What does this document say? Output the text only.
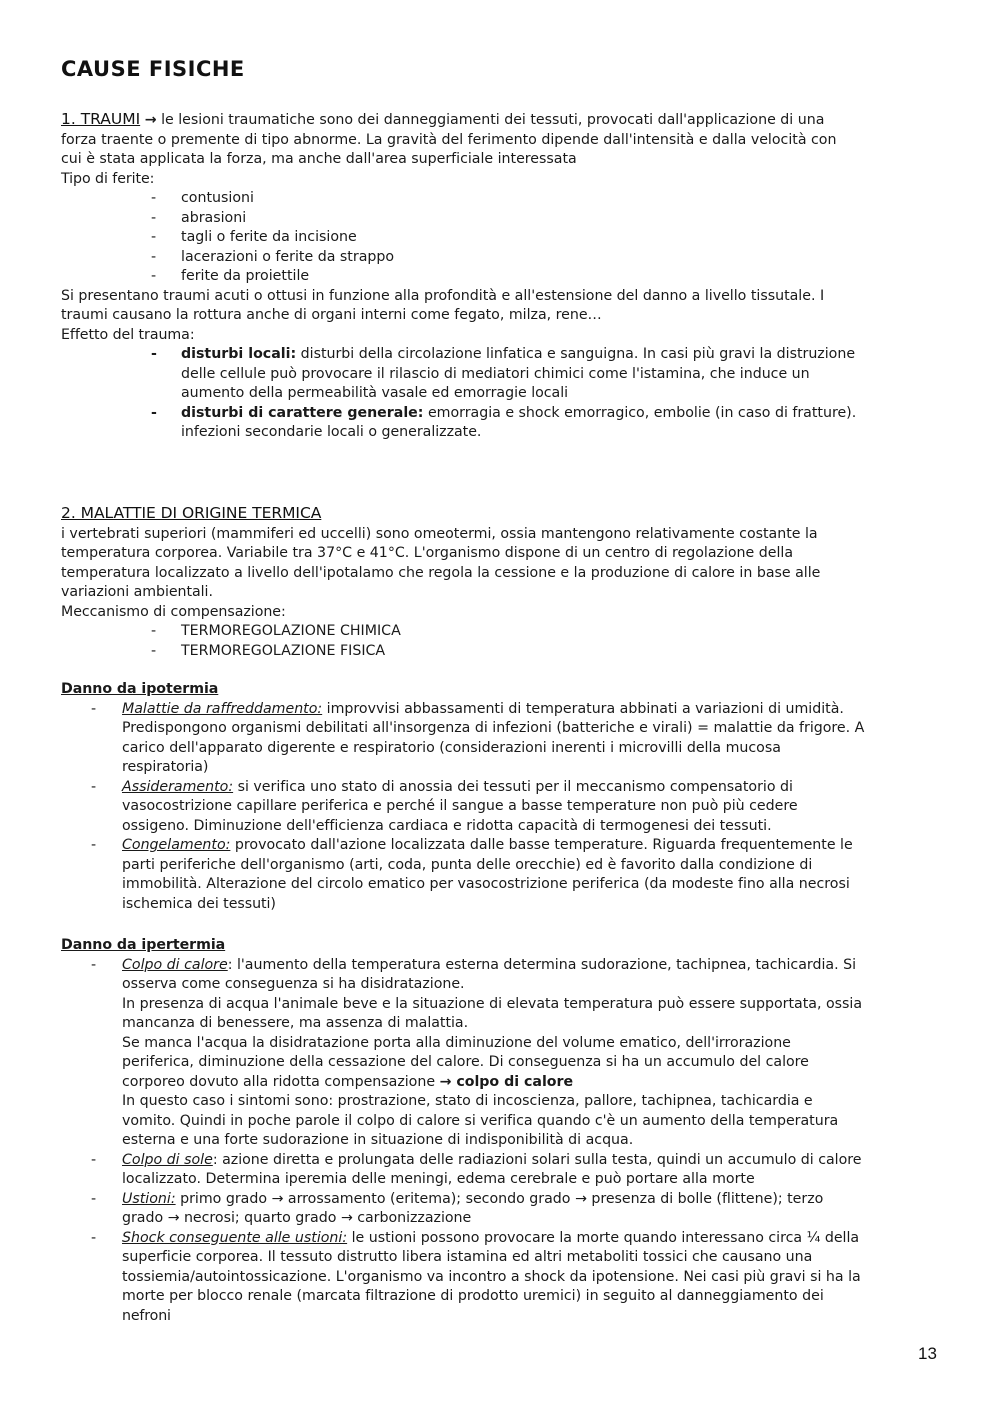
CAUSE FISICHE
1. TRAUMI → le lesioni traumatiche sono dei danneggiamenti dei tessuti, provocati dall'applicazione di una
forza traente o premente di tipo abnorme. La gravità del ferimento dipende dall'intensità e dalla velocità con
cui è stata applicata la forza, ma anche dall'area superficiale interessata
Tipo di ferite:
- contusioni
- abrasioni
- tagli o ferite da incisione
- lacerazioni o ferite da strappo
- ferite da proiettile
Si presentano traumi acuti o ottusi in funzione alla profondità e all'estensione del danno a livello tissutale. I
traumi causano la rottura anche di organi interni come fegato, milza, rene…
Effetto del trauma:
- disturbi locali: disturbi della circolazione linfatica e sanguigna. In casi più gravi la distruzione
delle cellule può provocare il rilascio di mediatori chimici come l'istamina, che induce un
aumento della permeabilità vasale ed emorragie locali
- disturbi di carattere generale: emorragia e shock emorragico, embolie (in caso di fratture).
infezioni secondarie locali o generalizzate.
2. MALATTIE DI ORIGINE TERMICA
i vertebrati superiori (mammiferi ed uccelli) sono omeotermi, ossia mantengono relativamente costante la
temperatura corporea. Variabile tra 37°C e 41°C. L'organismo dispone di un centro di regolazione della
temperatura localizzato a livello dell'ipotalamo che regola la cessione e la produzione di calore in base alle
variazioni ambientali.
Meccanismo di compensazione:
- TERMOREGOLAZIONE CHIMICA
- TERMOREGOLAZIONE FISICA
Danno da ipotermia
- Malattie da raffreddamento: improvvisi abbassamenti di temperatura abbinati a variazioni di umidità.
Predispongono organismi debilitati all'insorgenza di infezioni (batteriche e virali) = malattie da frigore. A
carico dell'apparato digerente e respiratorio (considerazioni inerenti i microvilli della mucosa
respiratoria)
- Assideramento: si verifica uno stato di anossia dei tessuti per il meccanismo compensatorio di
vasocostrizione capillare periferica e perché il sangue a basse temperature non può più cedere
ossigeno. Diminuzione dell'efficienza cardiaca e ridotta capacità di termogenesi dei tessuti.
- Congelamento: provocato dall'azione localizzata dalle basse temperature. Riguarda frequentemente le
parti periferiche dell'organismo (arti, coda, punta delle orecchie) ed è favorito dalla condizione di
immobilità. Alterazione del circolo ematico per vasocostrizione periferica (da modeste fino alla necrosi
ischemica dei tessuti)
Danno da ipertermia
- Colpo di calore: l'aumento della temperatura esterna determina sudorazione, tachipnea, tachicardia. Si
osserva come conseguenza si ha disidratazione.
In presenza di acqua l'animale beve e la situazione di elevata temperatura può essere supportata, ossia
mancanza di benessere, ma assenza di malattia.
Se manca l'acqua la disidratazione porta alla diminuzione del volume ematico, dell'irrorazione
periferica, diminuzione della cessazione del calore. Di conseguenza si ha un accumulo del calore
corporeo dovuto alla ridotta compensazione → colpo di calore
In questo caso i sintomi sono: prostrazione, stato di incoscienza, pallore, tachipnea, tachicardia e
vomito. Quindi in poche parole il colpo di calore si verifica quando c'è un aumento della temperatura
esterna e una forte sudorazione in situazione di indisponibilità di acqua.
- Colpo di sole: azione diretta e prolungata delle radiazioni solari sulla testa, quindi un accumulo di calore
localizzato. Determina iperemia delle meningi, edema cerebrale e può portare alla morte
- Ustioni: primo grado → arrossamento (eritema); secondo grado → presenza di bolle (flittene); terzo
grado → necrosi; quarto grado → carbonizzazione
- Shock conseguente alle ustioni: le ustioni possono provocare la morte quando interessano circa ¼ della
superficie corporea. Il tessuto distrutto libera istamina ed altri metaboliti tossici che causano una
tossiemia/autointossicazione. L'organismo va incontro a shock da ipotensione. Nei casi più gravi si ha la
morte per blocco renale (marcata filtrazione di prodotto uremici) in seguito al danneggiamento dei
nefroni
13
